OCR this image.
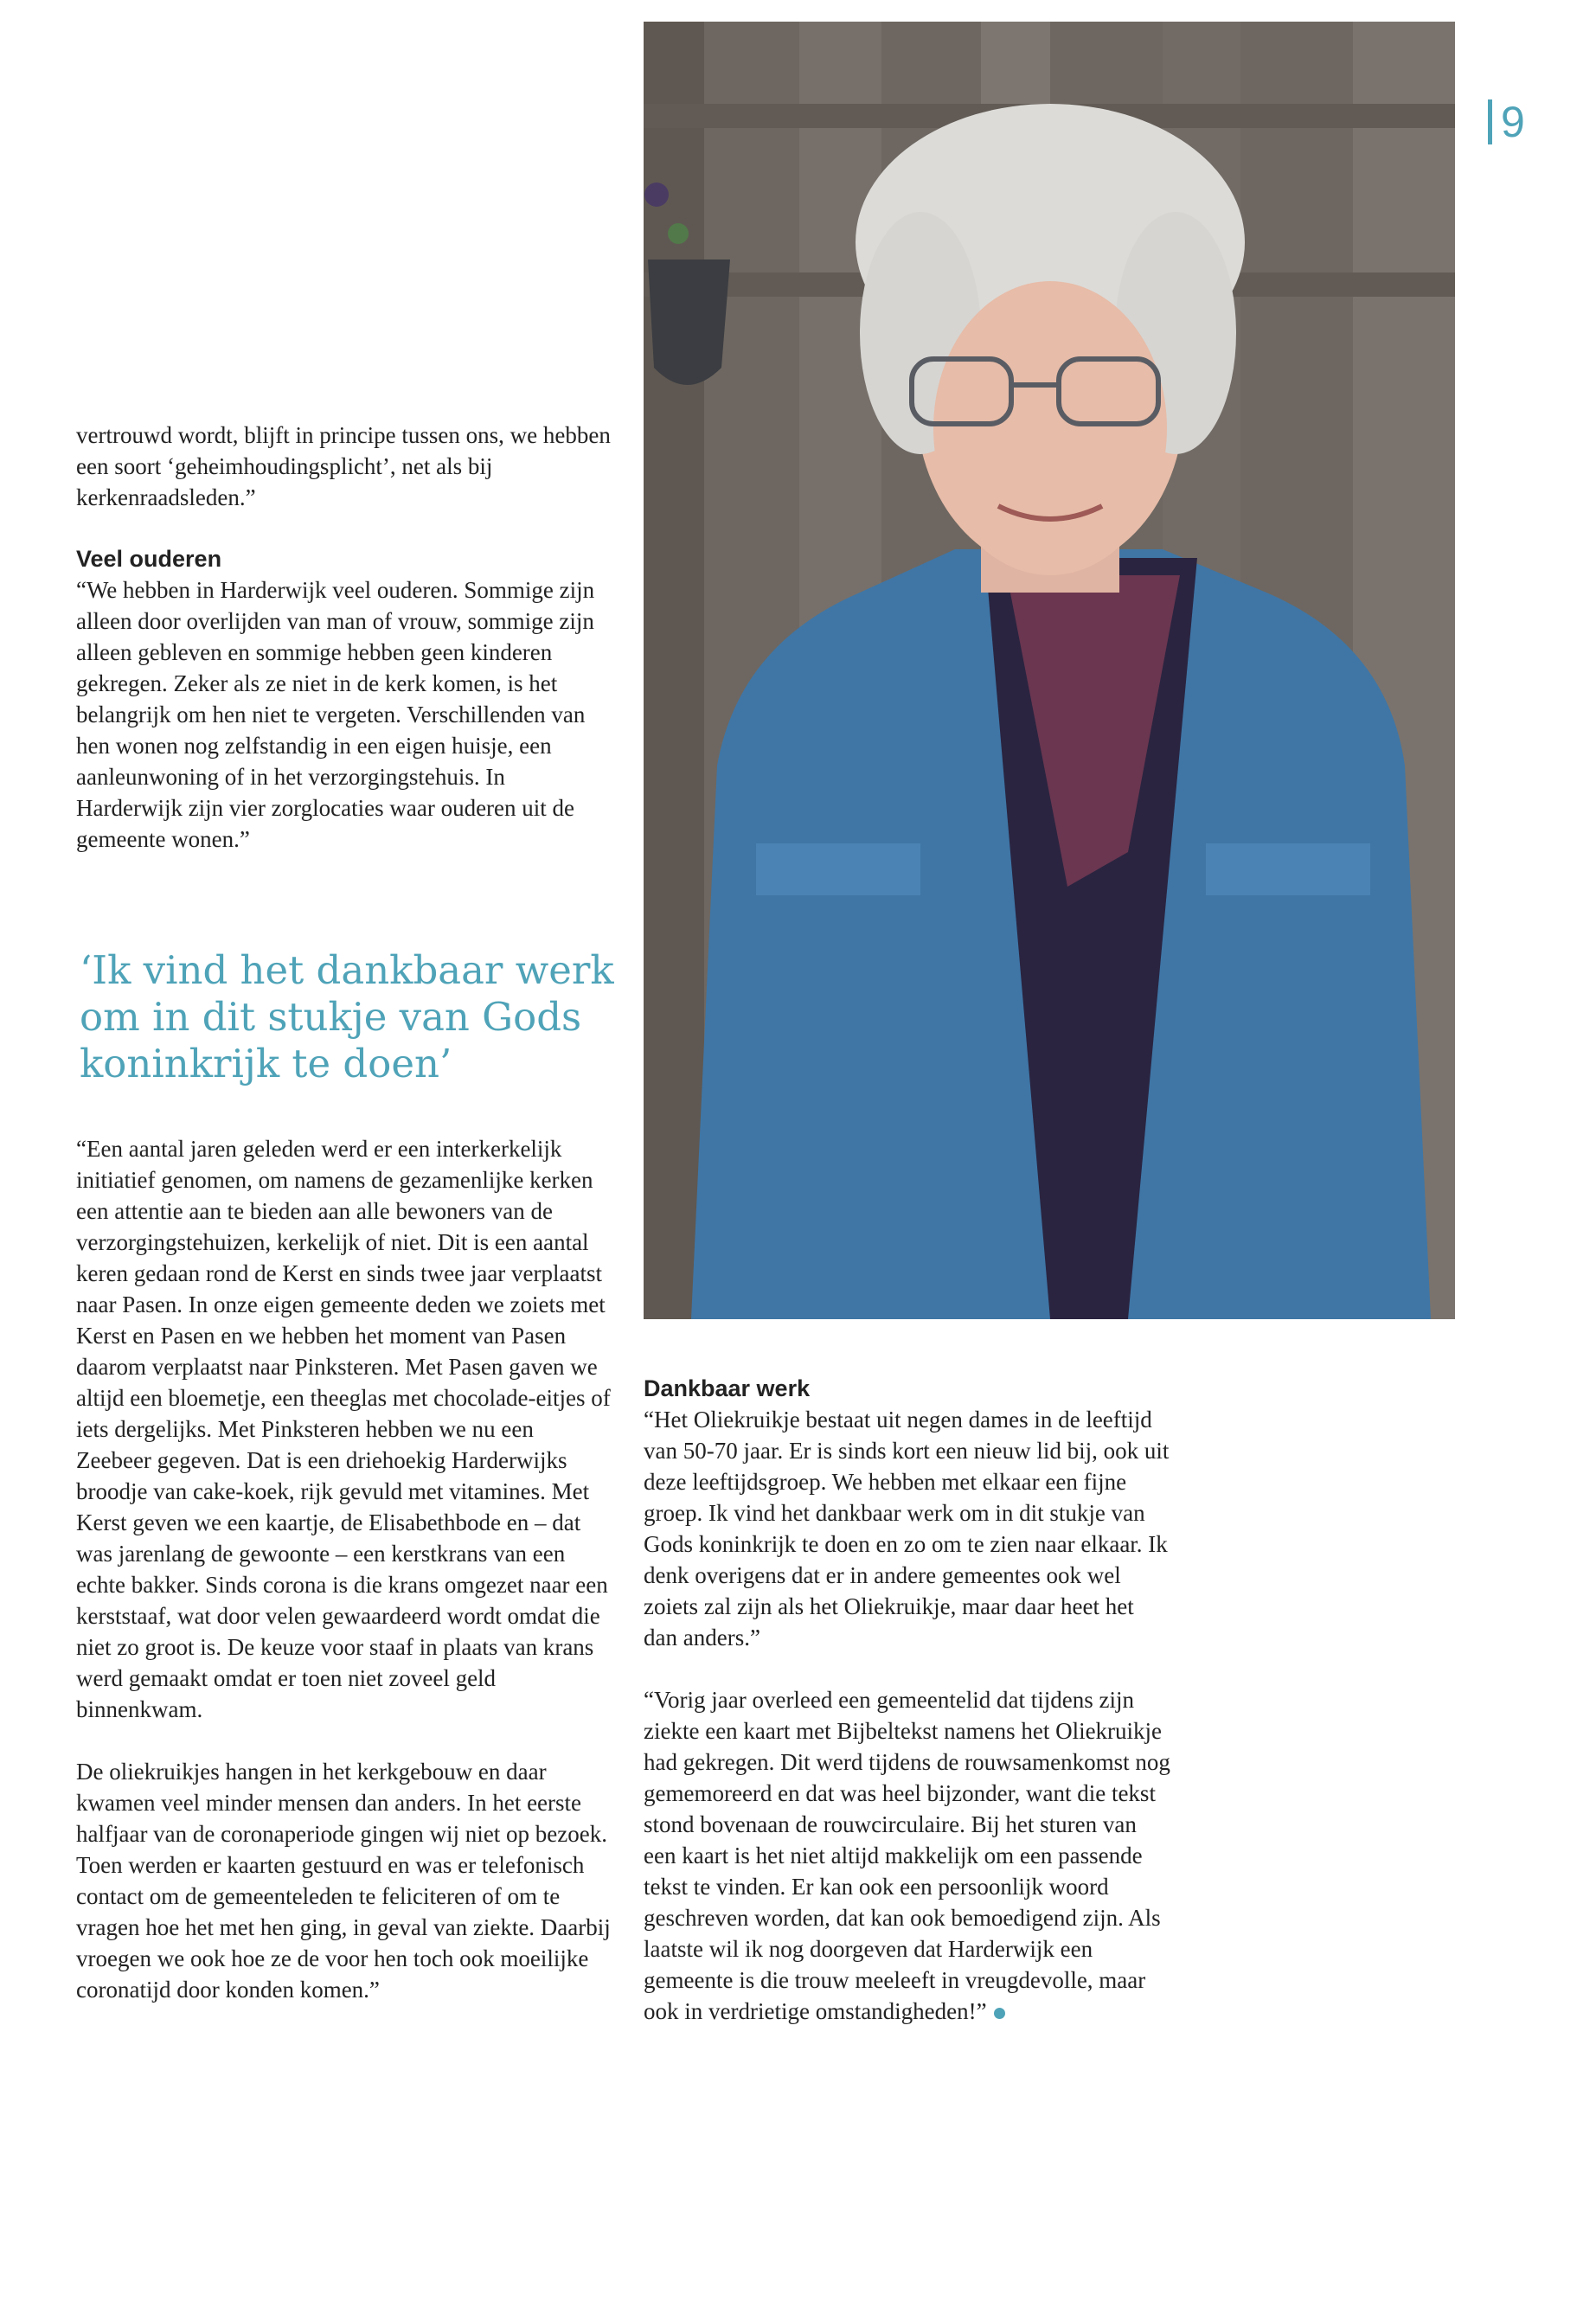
9

vertrouwd wordt, blijft in principe tussen ons, we hebben een soort ‘geheimhoudingsplicht’, net als bij kerkenraadsleden.”

Veel ouderen

“We hebben in Harderwijk veel ouderen. Sommige zijn alleen door overlijden van man of vrouw, sommige zijn alleen gebleven en sommige hebben geen kinderen gekregen. Zeker als ze niet in de kerk komen, is het belangrijk om hen niet te vergeten. Verschillenden van hen wonen nog zelfstandig in een eigen huisje, een aanleunwoning of in het verzorgingstehuis. In Harderwijk zijn vier zorglocaties waar ouderen uit de gemeente wonen.”

‘Ik vind het dankbaar werk om in dit stukje van Gods koninkrijk te doen’

“Een aantal jaren geleden werd er een interkerkelijk initiatief genomen, om namens de gezamenlijke kerken een attentie aan te bieden aan alle bewoners van de verzorgingstehuizen, kerkelijk of niet. Dit is een aantal keren gedaan rond de Kerst en sinds twee jaar verplaatst naar Pasen. In onze eigen gemeente deden we zoiets met Kerst en Pasen en we hebben het moment van Pasen daarom verplaatst naar Pinksteren. Met Pasen gaven we altijd een bloemetje, een theeglas met chocolade-eitjes of iets dergelijks. Met Pinksteren hebben we nu een Zeebeer gegeven. Dat is een driehoekig Harderwijks broodje van cake-koek, rijk gevuld met vitamines. Met Kerst geven we een kaartje, de Elisabethbode en – dat was jarenlang de gewoonte – een kerstkrans van een echte bakker. Sinds corona is die krans omgezet naar een kerststaaf, wat door velen gewaardeerd wordt omdat die niet zo groot is. De keuze voor staaf in plaats van krans werd gemaakt omdat er toen niet zoveel geld binnenkwam.

De oliekruikjes hangen in het kerkgebouw en daar kwamen veel minder mensen dan anders. In het eerste halfjaar van de coronaperiode gingen wij niet op bezoek. Toen werden er kaarten gestuurd en was er telefonisch contact om de gemeenteleden te feliciteren of om te vragen hoe het met hen ging, in geval van ziekte. Daarbij vroegen we ook hoe ze de voor hen toch ook moeilijke coronatijd door konden komen.”

Dankbaar werk

“Het Oliekruikje bestaat uit negen dames in de leeftijd van 50-70 jaar. Er is sinds kort een nieuw lid bij, ook uit deze leeftijdsgroep. We hebben met elkaar een fijne groep. Ik vind het dankbaar werk om in dit stukje van Gods koninkrijk te doen en zo om te zien naar elkaar. Ik denk overigens dat er in andere gemeentes ook wel zoiets zal zijn als het Oliekruikje, maar daar heet het dan anders.”

“Vorig jaar overleed een gemeentelid dat tijdens zijn ziekte een kaart met Bijbeltekst namens het Oliekruikje had gekregen. Dit werd tijdens de rouwsamenkomst nog gememoreerd en dat was heel bijzonder, want die tekst stond bovenaan de rouwcirculaire. Bij het sturen van een kaart is het niet altijd makkelijk om een passende tekst te vinden. Er kan ook een persoonlijk woord geschreven worden, dat kan ook bemoedigend zijn. Als laatste wil ik nog doorgeven dat Harderwijk een gemeente is die trouw meeleeft in vreugdevolle, maar ook in verdrietige omstandigheden!”
